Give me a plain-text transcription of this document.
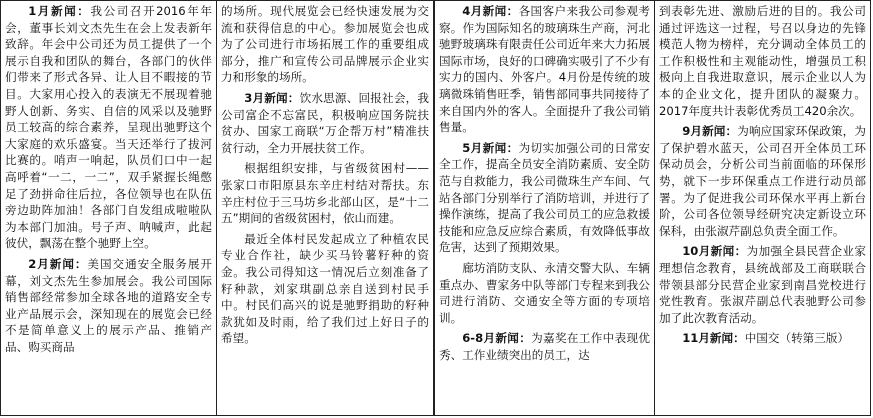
1月新闻：我公司召开2016年年会，董事长刘文杰先生在会上发表新年致辞。年会中公司还为员工提供了一个展示自我和团队的舞台，各部门的伙伴们带来了形式各异、让人目不暇接的节目。大家用心投入的表演无不展现着驰野人创新、务实、自信的风采以及驰野员工较高的综合素养，呈现出驰野这个大家庭的欢乐盛宴。当天还举行了拔河比赛的。哨声一响起，队员们口中一起高呼着“一二，一二”，双手紧握长绳憋足了劲拼命往后拉，各位领导也在队伍旁边助阵加油！各部门自发组成啦啦队为本部门加油。号子声、呐喊声，此起彼伏，飘荡在整个驰野上空。

2月新闻：美国交通安全服务展开幕，刘文杰先生参加展会。我公司国际销售部经常参加全球各地的道路安全专业产品展示会，深知现在的展览会已经不是简单意义上的展示产品、推销产品、购买商品

的场所。现代展览会已经快速发展为交流和获得信息的中心。参加展览会也成为了公司进行市场拓展工作的重要组成部分，推广和宣传公司品牌展示企业实力和形象的场所。

3月新闻：饮水思源、回报社会，我公司富企不忘富民，积极响应国务院扶贫办、国家工商联“万企帮万村”精准扶贫行动，全力开展扶贫工作。

根据组织安排，与省级贫困村——张家口市阳原县东辛庄村结对帮扶。东辛庄村位于三马坊乡北部山区，是“十二五”期间的省级贫困村，依山而建。

最近全体村民发起成立了种植农民专业合作社，缺少买马铃薯籽种的资金。我公司得知这一情况后立刻准备了籽种款，刘家琪副总亲自送到村民手中。村民们高兴的说是驰野捐助的籽种款犹如及时雨，给了我们过上好日子的希望。

4月新闻：各国客户来我公司参观考察。作为国际知名的玻璃珠生产商，河北驰野玻璃珠有限责任公司近年来大力拓展国际市场，良好的口碑确实吸引了不少有实力的国内、外客户。4月份是传统的玻璃微珠销售旺季，销售部同事共同接待了来自国内外的客人。全面提升了我公司销售量。

5月新闻：为切实加强公司的日常安全工作，提高全员安全消防素质、安全防范与自救能力，我公司微珠生产车间、气站各部门分别举行了消防培训，并进行了操作演练，提高了我公司员工的应急救援技能和应急反应综合素质，有效降低事故危害，达到了预期效果。

廊坊消防支队、永清交警大队、车辆重点办、曹家务中队等部门专程来到我公司进行消防、交通安全等方面的专项培训。

6-8月新闻：为嘉奖在工作中表现优秀、工作业绩突出的员工，达

到表彰先进、激励后进的目的。我公司通过评选这一过程，号召以身边的先锋模范人物为榜样，充分调动全体员工的工作积极性和主观能动性，增强员工积极向上自我进取意识，展示企业以人为本的企业文化，提升团队的凝聚力。2017年度共计表彰优秀员工420余次。

9月新闻：为响应国家环保政策，为了保护碧水蓝天，公司召开全体员工环保动员会，分析公司当前面临的环保形势，就下一步环保重点工作进行动员部署。为了促进我公司环保水平再上新台阶，公司各位领导经研究决定新设立环保科，由张淑芹副总负责全面工作。

10月新闻：为加强全县民营企业家理想信念教育，县统战部及工商联联合带领县部分民营企业家到南昌党校进行党性教育。张淑芹副总代表驰野公司参加了此次教育活动。

11月新闻：中国交（转第三版）
